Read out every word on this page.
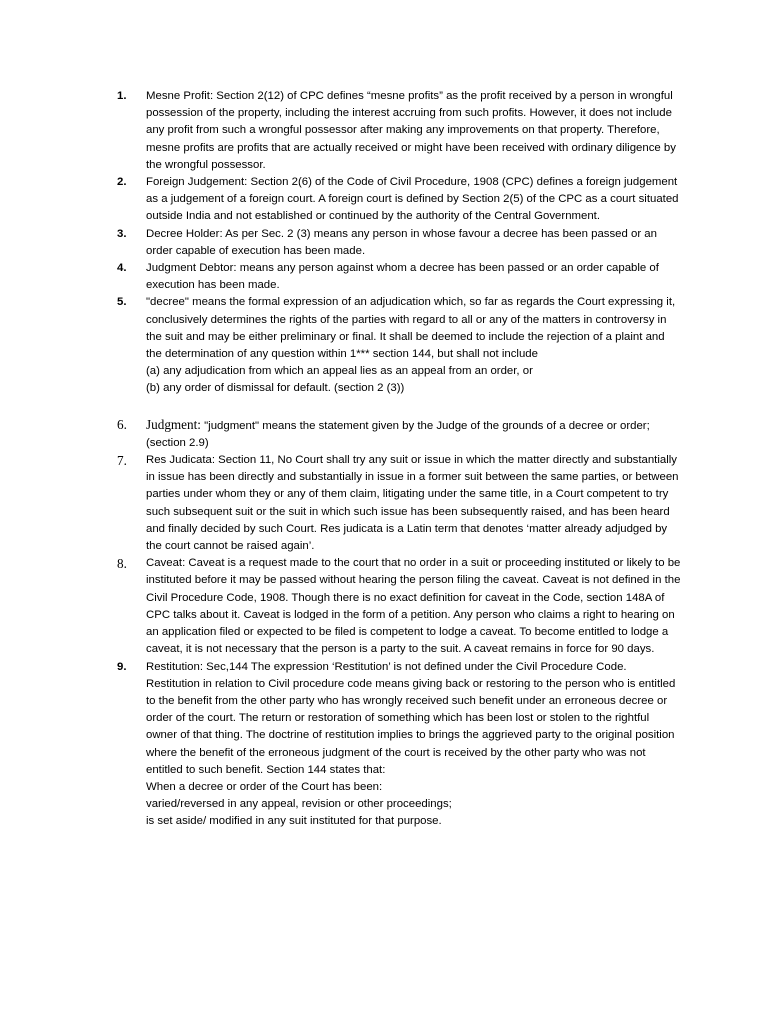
1.	Mesne Profit: Section 2(12) of CPC defines “mesne profits” as the profit received by a person in wrongful possession of the property, including the interest accruing from such profits. However, it does not include any profit from such a wrongful possessor after making any improvements on that property. Therefore, mesne profits are profits that are actually received or might have been received with ordinary diligence by the wrongful possessor.

2.	Foreign Judgement: Section 2(6) of the Code of Civil Procedure, 1908 (CPC) defines a foreign judgement as a judgement of a foreign court. A foreign court is defined by Section 2(5) of the CPC as a court situated outside India and not established or continued by the authority of the Central Government.

3.	Decree Holder: As per Sec. 2 (3) means any person in whose favour a decree has been passed or an order capable of execution has been made.

4.	Judgment Debtor: means any person against whom a decree has been passed or an order capable of execution has been made.

5.	"decree" means the formal expression of an adjudication which, so far as regards the Court expressing it, conclusively determines the rights of the parties with regard to all or any of the matters in controversy in the suit and may be either preliminary or final. It shall be deemed to include the rejection of a plaint and the determination of any question within 1*** section 144, but shall not include

(a) any adjudication from which an appeal lies as an appeal from an order, or

(b) any order of dismissal for default. (section 2 (3))

6.	Judgment: "judgment" means the statement given by the Judge of the grounds of a decree or order; (section 2.9)

7.	Res Judicata: Section 11, No Court shall try any suit or issue in which the matter directly and substantially in issue has been directly and substantially in issue in a former suit between the same parties, or between parties under whom they or any of them claim, litigating under the same title, in a Court competent to try such subsequent suit or the suit in which such issue has been subsequently raised, and has been heard and finally decided by such Court. Res judicata is a Latin term that denotes ‘matter already adjudged by the court cannot be raised again’.

8.	Caveat: Caveat is a request made to the court that no order in a suit or proceeding instituted or likely to be instituted before it may be passed without hearing the person filing the caveat. Caveat is not defined in the Civil Procedure Code, 1908. Though there is no exact definition for caveat in the Code, section 148A of CPC talks about it. Caveat is lodged in the form of a petition. Any person who claims a right to hearing on an application filed or expected to be filed is competent to lodge a caveat. To become entitled to lodge a caveat, it is not necessary that the person is a party to the suit. A caveat remains in force for 90 days.

9.	Restitution: Sec,144 The expression ‘Restitution’ is not defined under the Civil Procedure Code. Restitution in relation to Civil procedure code means giving back or restoring to the person who is entitled to the benefit from the other party who has wrongly received such benefit under an erroneous decree or order of the court. The return or restoration of something which has been lost or stolen to the rightful owner of that thing. The doctrine of restitution implies to brings the aggrieved party to the original position where the benefit of the erroneous judgment of the court is received by the other party who was not entitled to such benefit. Section 144 states that:

When a decree or order of the Court has been:

varied/reversed in any appeal, revision or other proceedings;

is set aside/ modified in any suit instituted for that purpose.
